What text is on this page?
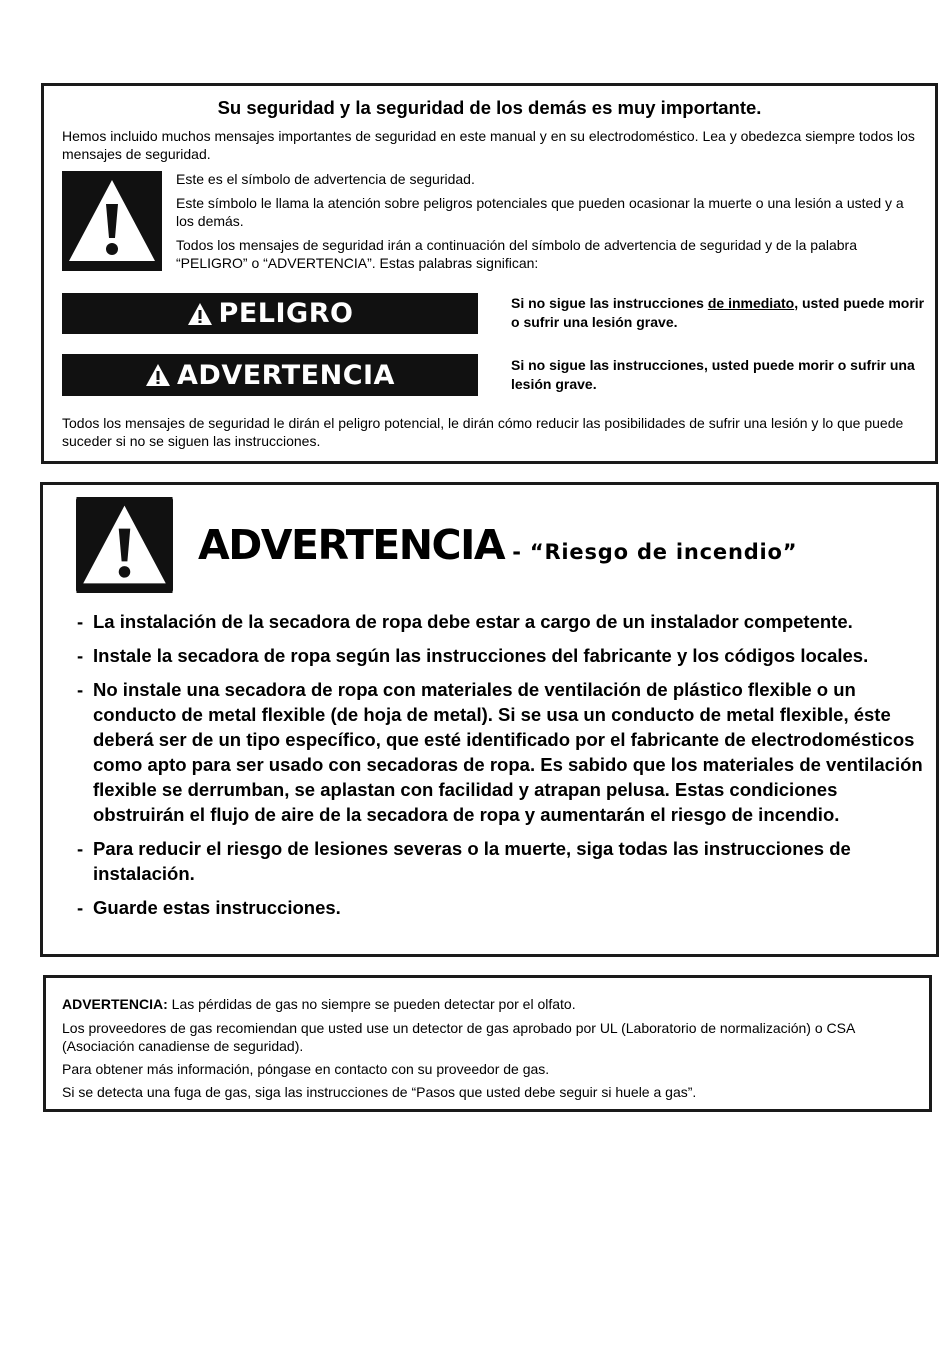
Su seguridad y la seguridad de los demás es muy importante.
Hemos incluido muchos mensajes importantes de seguridad en este manual y en su electrodoméstico. Lea y obedezca siempre todos los mensajes de seguridad.
Este es el símbolo de advertencia de seguridad.
Este símbolo le llama la atención sobre peligros potenciales que pueden ocasionar la muerte o una lesión a usted y a los demás.
Todos los mensajes de seguridad irán a continuación del símbolo de advertencia de seguridad y de la palabra “PELIGRO” o “ADVERTENCIA”. Estas palabras significan:
PELIGRO	Si no sigue las instrucciones de inmediato, usted puede morir o sufrir una lesión grave.
ADVERTENCIA	Si no sigue las instrucciones, usted puede morir o sufrir una lesión grave.
Todos los mensajes de seguridad le dirán el peligro potencial, le dirán cómo reducir las posibilidades de sufrir una lesión y lo que puede suceder si no se siguen las instrucciones.
ADVERTENCIA - “Riesgo de incendio”
- La instalación de la secadora de ropa debe estar a cargo de un instalador competente.
- Instale la secadora de ropa según las instrucciones del fabricante y los códigos locales.
- No instale una secadora de ropa con materiales de ventilación de plástico flexible o un conducto de metal flexible (de hoja de metal). Si se usa un conducto de metal flexible, éste deberá ser de un tipo específico, que esté identificado por el fabricante de electrodomésticos como apto para ser usado con secadoras de ropa. Es sabido que los materiales de ventilación flexible se derrumban, se aplastan con facilidad y atrapan pelusa. Estas condiciones obstruirán el flujo de aire de la secadora de ropa y aumentarán el riesgo de incendio.
- Para reducir el riesgo de lesiones severas o la muerte, siga todas las instrucciones de instalación.
- Guarde estas instrucciones.
ADVERTENCIA: Las pérdidas de gas no siempre se pueden detectar por el olfato.
Los proveedores de gas recomiendan que usted use un detector de gas aprobado por UL (Laboratorio de normalización) o CSA (Asociación canadiense de seguridad).
Para obtener más información, póngase en contacto con su proveedor de gas.
Si se detecta una fuga de gas, siga las instrucciones de “Pasos que usted debe seguir si huele a gas”.
